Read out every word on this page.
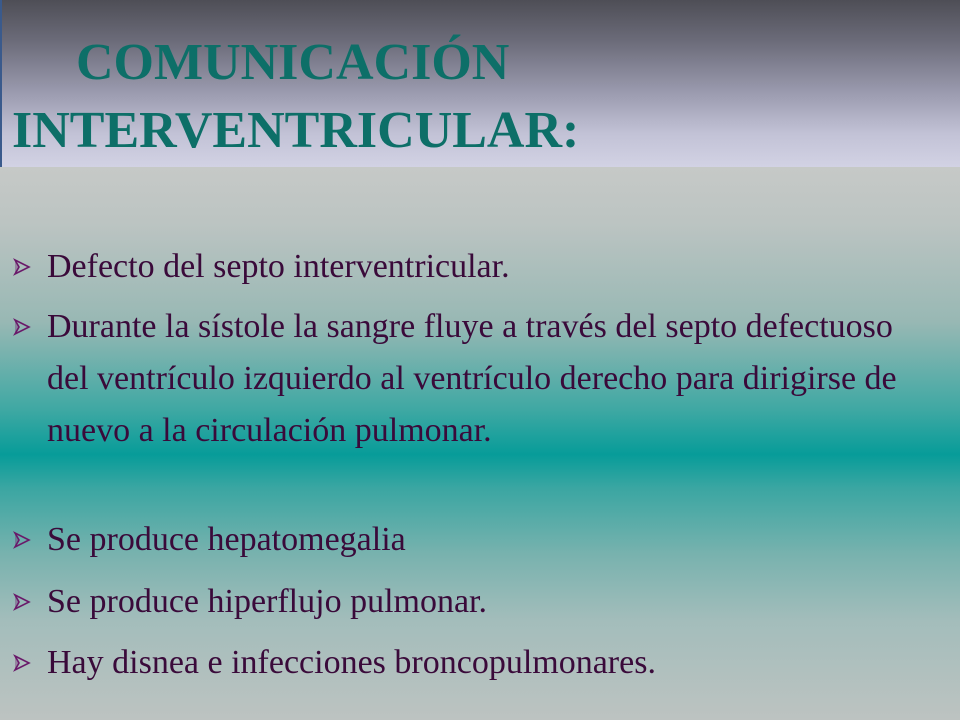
COMUNICACIÓN
INTERVENTRICULAR:

Defecto del septo interventricular.

Durante la sístole la sangre fluye a través del septo defectuoso del ventrículo izquierdo al ventrículo derecho para dirigirse de nuevo a la circulación pulmonar.

Se produce hepatomegalia

Se produce hiperflujo pulmonar.

Hay disnea e infecciones broncopulmonares.
